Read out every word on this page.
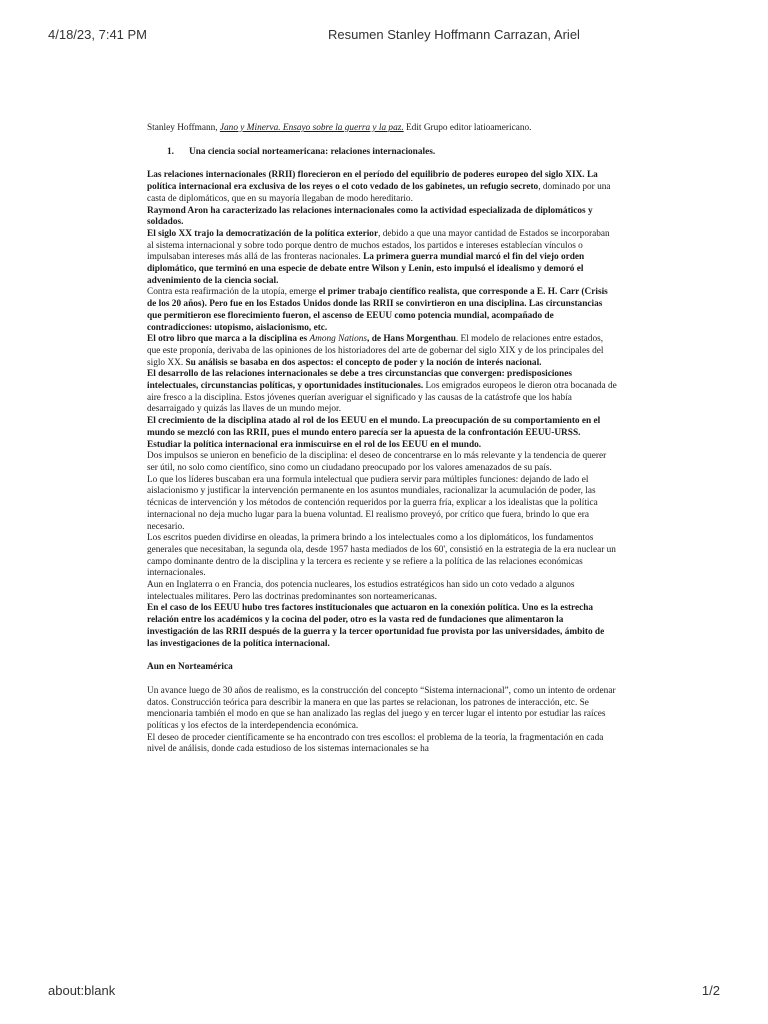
4/18/23, 7:41 PM	Resumen Stanley Hoffmann Carrazan, Ariel

Stanley Hoffmann, Jano y Minerva. Ensayo sobre la guerra y la paz. Edit Grupo editor latioamericano.

1. Una ciencia social norteamericana: relaciones internacionales.

Las relaciones internacionales (RRII) florecieron en el período del equilibrio de poderes europeo del siglo XIX. La política internacional era exclusiva de los reyes o el coto vedado de los gabinetes, un refugio secreto, dominado por una casta de diplomáticos, que en su mayoría llegaban de modo hereditario.

Raymond Aron ha caracterizado las relaciones internacionales como la actividad especializada de diplomáticos y soldados.

El siglo XX trajo la democratización de la política exterior, debido a que una mayor cantidad de Estados se incorporaban al sistema internacional y sobre todo porque dentro de muchos estados, los partidos e intereses establecían vínculos o impulsaban intereses más allá de las fronteras nacionales. La primera guerra mundial marcó el fin del viejo orden diplomático, que terminó en una especie de debate entre Wilson y Lenin, esto impulsó el idealismo y demoró el advenimiento de la ciencia social.

Contra esta reafirmación de la utopía, emerge el primer trabajo científico realista, que corresponde a E. H. Carr (Crisis de los 20 años). Pero fue en los Estados Unidos donde las RRII se convirtieron en una disciplina. Las circunstancias que permitieron ese florecimiento fueron, el ascenso de EEUU como potencia mundial, acompañado de contradicciones: utopismo, aislacionismo, etc.

El otro libro que marca a la disciplina es Among Nations, de Hans Morgenthau. El modelo de relaciones entre estados, que este proponía, derivaba de las opiniones de los historiadores del arte de gobernar del siglo XIX y de los principales del siglo XX. Su análisis se basaba en dos aspectos: el concepto de poder y la noción de interés nacional.

El desarrollo de las relaciones internacionales se debe a tres circunstancias que convergen: predisposiciones intelectuales, circunstancias políticas, y oportunidades institucionales. Los emigrados europeos le dieron otra bocanada de aire fresco a la disciplina. Estos jóvenes querían averiguar el significado y las causas de la catástrofe que los había desarraigado y quizás las llaves de un mundo mejor.

El crecimiento de la disciplina atado al rol de los EEUU en el mundo. La preocupación de su comportamiento en el mundo se mezcló con las RRII, pues el mundo entero parecía ser la apuesta de la confrontación EEUU-URSS. Estudiar la política internacional era inmiscuirse en el rol de los EEUU en el mundo.

Dos impulsos se unieron en beneficio de la disciplina: el deseo de concentrarse en lo más relevante y la tendencia de querer ser útil, no solo como científico, sino como un ciudadano preocupado por los valores amenazados de su país.

Lo que los líderes buscaban era una formula intelectual que pudiera servir para múltiples funciones: dejando de lado el aislacionismo y justificar la intervención permanente en los asuntos mundiales, racionalizar la acumulación de poder, las técnicas de intervención y los métodos de contención requeridos por la guerra fría, explicar a los idealistas que la política internacional no deja mucho lugar para la buena voluntad. El realismo proveyó, por crítico que fuera, brindo lo que era necesario.

Los escritos pueden dividirse en oleadas, la primera brindo a los intelectuales como a los diplomáticos, los fundamentos generales que necesitaban, la segunda ola, desde 1957 hasta mediados de los 60', consistió en la estrategia de la era nuclear un campo dominante dentro de la disciplina y la tercera es reciente y se refiere a la política de las relaciones económicas internacionales.

Aun en Inglaterra o en Francia, dos potencia nucleares, los estudios estratégicos han sido un coto vedado a algunos intelectuales militares. Pero las doctrinas predominantes son norteamericanas.

En el caso de los EEUU hubo tres factores institucionales que actuaron en la conexión política. Uno es la estrecha relación entre los académicos y la cocina del poder, otro es la vasta red de fundaciones que alimentaron la investigación de las RRII después de la guerra y la tercer oportunidad fue provista por las universidades, ámbito de las investigaciones de la política internacional.

Aun en Norteamérica

Un avance luego de 30 años de realismo, es la construcción del concepto “Sistema internacional”, como un intento de ordenar datos. Construcción teórica para describir la manera en que las partes se relacionan, los patrones de interacción, etc. Se mencionaria también el modo en que se han analizado las reglas del juego y en tercer lugar el intento por estudiar las raíces políticas y los efectos de la interdependencia económica.

El deseo de proceder científicamente se ha encontrado con tres escollos: el problema de la teoría, la fragmentación en cada nivel de análisis, donde cada estudioso de los sistemas internacionales se ha

about:blank	1/2
